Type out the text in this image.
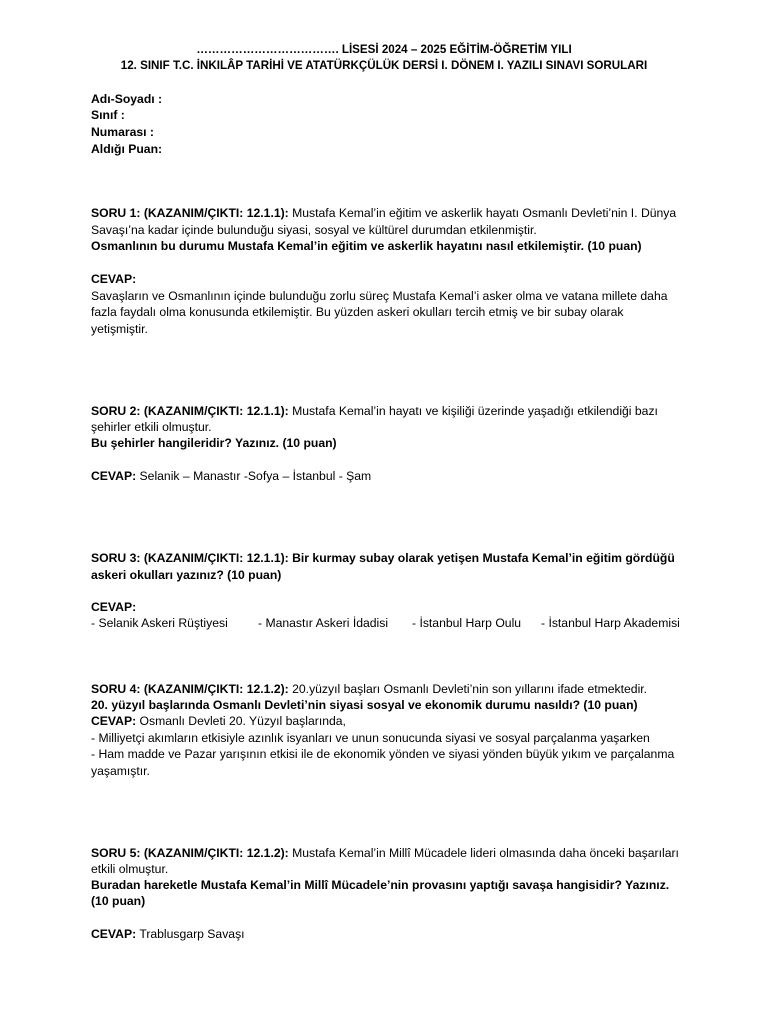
………………………………. LİSESİ 2024 – 2025 EĞİTİM-ÖĞRETİM YILI
12. SINIF T.C. İNKILÂP TARİHİ VE ATATÜRKÇÜLÜK DERSİ I. DÖNEM I. YAZILI SINAVI SORULARI
Adı-Soyadı :
Sınıf :
Numarası :
Aldığı Puan:
SORU 1: (KAZANIM/ÇIKTI: 12.1.1): Mustafa Kemal’in eğitim ve askerlik hayatı Osmanlı Devleti’nin I. Dünya
Savaşı’na kadar içinde bulunduğu siyasi, sosyal ve kültürel durumdan etkilenmiştir.
Osmanlının bu durumu Mustafa Kemal’in eğitim ve askerlik hayatını nasıl etkilemiştir. (10 puan)
CEVAP:
Savaşların ve Osmanlının içinde bulunduğu zorlu süreç Mustafa Kemal’i asker olma ve vatana millete daha
fazla faydalı olma konusunda etkilemiştir. Bu yüzden askeri okulları tercih etmiş ve bir subay olarak
yetişmiştir.
SORU 2: (KAZANIM/ÇIKTI: 12.1.1): Mustafa Kemal’in hayatı ve kişiliği üzerinde yaşadığı etkilendiği bazı
şehirler etkili olmuştur.
Bu şehirler hangileridir? Yazınız. (10 puan)
CEVAP: Selanik – Manastır -Sofya – İstanbul - Şam
SORU 3: (KAZANIM/ÇIKTI: 12.1.1): Bir kurmay subay olarak yetişen Mustafa Kemal’in eğitim gördüğü
askeri okulları yazınız? (10 puan)
CEVAP:
- Selanik Askeri Rüştiyesi - Manastır Askeri İdadisi - İstanbul Harp Oulu - İstanbul Harp Akademisi
SORU 4: (KAZANIM/ÇIKTI: 12.1.2): 20.yüzyıl başları Osmanlı Devleti’nin son yıllarını ifade etmektedir.
20. yüzyıl başlarında Osmanlı Devleti’nin siyasi sosyal ve ekonomik durumu nasıldı? (10 puan)
CEVAP: Osmanlı Devleti 20. Yüzyıl başlarında,
- Milliyetçi akımların etkisiyle azınlık isyanları ve unun sonucunda siyasi ve sosyal parçalanma yaşarken
- Ham madde ve Pazar yarışının etkisi ile de ekonomik yönden ve siyasi yönden büyük yıkım ve parçalanma
yaşamıştır.
SORU 5: (KAZANIM/ÇIKTI: 12.1.2): Mustafa Kemal’in Millî Mücadele lideri olmasında daha önceki başarıları
etkili olmuştur.
Buradan hareketle Mustafa Kemal’in Millî Mücadele’nin provasını yaptığı savaşa hangisidir? Yazınız.
(10 puan)
CEVAP: Trablusgarp Savaşı
